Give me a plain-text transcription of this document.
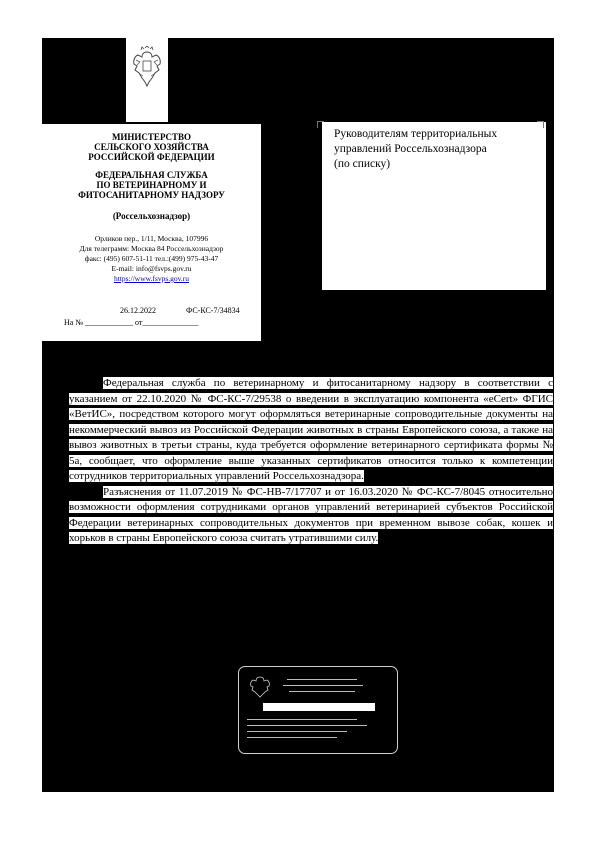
МИНИСТЕРСТВО
СЕЛЬСКОГО ХОЗЯЙСТВА
РОССИЙСКОЙ ФЕДЕРАЦИИ
ФЕДЕРАЛЬНАЯ СЛУЖБА
ПО ВЕТЕРИНАРНОМУ И
ФИТОСАНИТАРНОМУ НАДЗОРУ
(Россельхознадзор)
Орликов пер., 1/11, Москва, 107996
Для телеграмм: Москва 84 Россельхознадзор
факс: (495) 607-51-11 тел.:(499) 975-43-47
E-mail: info@fsvps.gov.ru
https://www.fsvps.gov.ru
26.12.2022	ФС-КС-7/34834
На № ____________ от______________
Руководителям территориальных
управлений Россельхознадзора
(по списку)

Федеральная служба по ветеринарному и фитосанитарному надзору в соответствии с указанием от 22.10.2020 № ФС-КС-7/29538 о введении в эксплуатацию компонента «eCert» ФГИС «ВетИС», посредством которого могут оформляться ветеринарные сопроводительные документы на некоммерческий вывоз из Российской Федерации животных в страны Европейского союза, а также на вывоз животных в третьи страны, куда требуется оформление ветеринарного сертификата формы № 5а, сообщает, что оформление выше указанных сертификатов относится только к компетенции сотрудников территориальных управлений Россельхознадзора.

Разъяснения от 11.07.2019 № ФС-НВ-7/17707 и от 16.03.2020 № ФС-КС-7/8045 относительно возможности оформления сотрудниками органов управлений ветеринарией субъектов Российской Федерации ветеринарных сопроводительных документов при временном вывозе собак, кошек и хорьков в страны Европейского союза считать утратившими силу.
